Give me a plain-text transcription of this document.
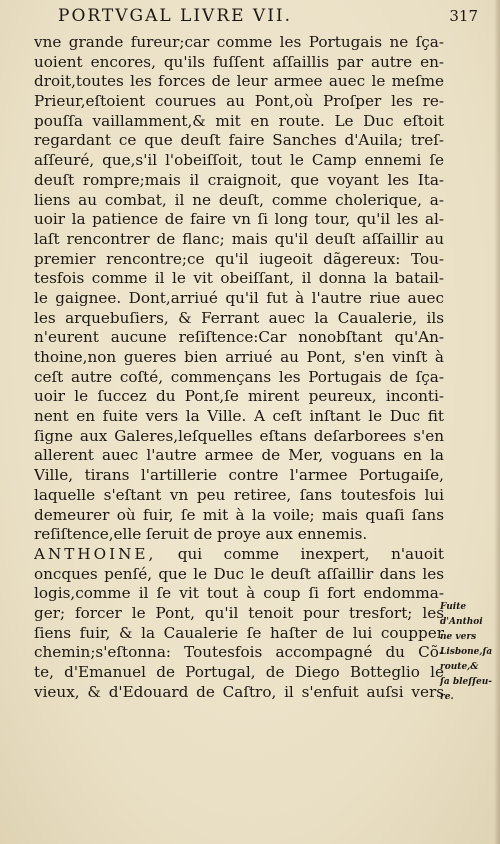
PORTVGAL LIVRE VII.	317
vne grande fureur;car comme les Portugais ne ſça-
uoient encores, qu'ils fuſſent aſſaillis par autre en-
droit,toutes les forces de leur armee auec le meſme
Prieur,eſtoient courues au Pont,où Proſper les re-
pouſſa vaillamment,& mit en route. Le Duc eſtoit
regardant ce que deuſt faire Sanches d'Auila; treſ-
aſſeuré, que,s'il l'obeiſſoit, tout le Camp ennemi ſe
deuſt rompre;mais il craignoit, que voyant les Ita-
liens au combat, il ne deuſt, comme cholerique, a-
uoir la patience de faire vn ſi long tour, qu'il les al-
laſt rencontrer de flanc; mais qu'il deuſt aſſaillir au
premier rencontre;ce qu'il iugeoit dãgereux: Tou-
tesfois comme il le vit obeiſſant, il donna la batail-
le gaignee. Dont,arriué qu'il fut à l'autre riue auec
les arquebuſiers, & Ferrant auec la Caualerie, ils
n'eurent aucune reſiſtence:Car nonobſtant qu'An-
thoine,non gueres bien arriué au Pont, s'en vinſt à
ceſt autre coſté, commençans les Portugais de ſça-
uoir le ſuccez du Pont,ſe mirent peureux, inconti-
nent en fuite vers la Ville. A ceſt inſtant le Duc fit
ſigne aux Galeres,leſquelles eſtans deſarborees s'en
allerent auec l'autre armee de Mer, voguans en la
Ville, tirans l'artillerie contre l'armee Portugaiſe,
laquelle s'eſtant vn peu retiree, ſans toutesfois lui
demeurer où fuir, ſe mit à la voile; mais quaſi ſans
reſiſtence,elle ſeruit de proye aux ennemis.
ANTHOINE, qui comme inexpert, n'auoit
oncques penſé, que le Duc le deuſt aſſaillir dans les
logis,comme il ſe vit tout à coup ſi fort endomma-
ger; forcer le Pont, qu'il tenoit pour tresfort; les
ſiens fuir, & la Caualerie ſe haſter de lui coupper
chemin;s'eſtonna: Toutesfois accompagné du Cõ-
te, d'Emanuel de Portugal, de Diego Botteglio le
vieux, & d'Edouard de Caſtro, il s'enfuit auſsi vers
Fuite
d'Anthoi
ne vers
Lisbone,ſa
route,&
ſa bleſſeu-
re.
